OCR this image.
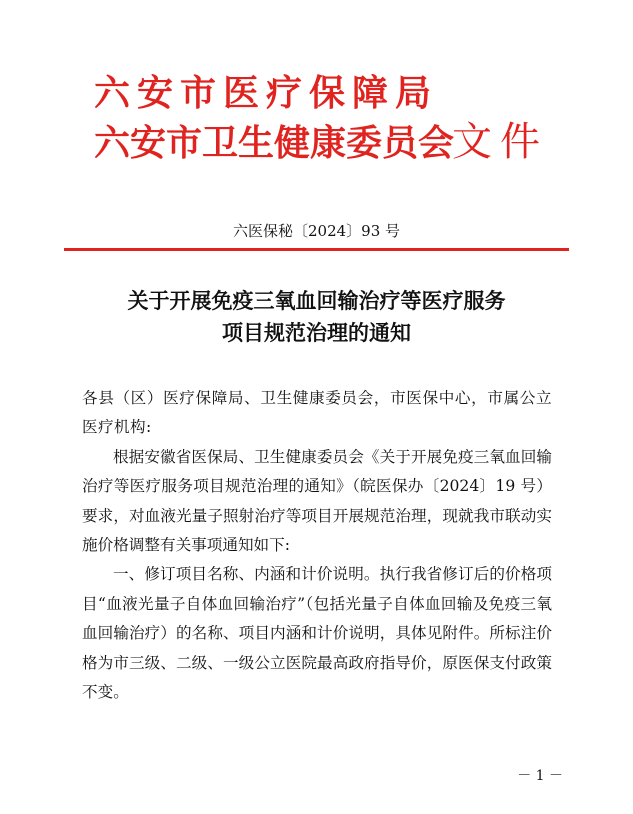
六安市医疗保障局
六安市卫生健康委员会
文件
六医保秘〔2024〕93 号
关于开展免疫三氧血回输治疗等医疗服务
项目规范治理的通知

各县（区）医疗保障局、卫生健康委员会，市医保中心，市属公立医疗机构:

根据安徽省医保局、卫生健康委员会《关于开展免疫三氧血回输治疗等医疗服务项目规范治理的通知》（皖医保办〔2024〕19 号）要求，对血液光量子照射治疗等项目开展规范治理，现就我市联动实施价格调整有关事项通知如下:

一、修订项目名称、内涵和计价说明。执行我省修订后的价格项目“血液光量子自体血回输治疗”（包括光量子自体血回输及免疫三氧血回输治疗）的名称、项目内涵和计价说明，具体见附件。所标注价格为市三级、二级、一级公立医院最高政府指导价，原医保支付政策不变。

－ 1 －
